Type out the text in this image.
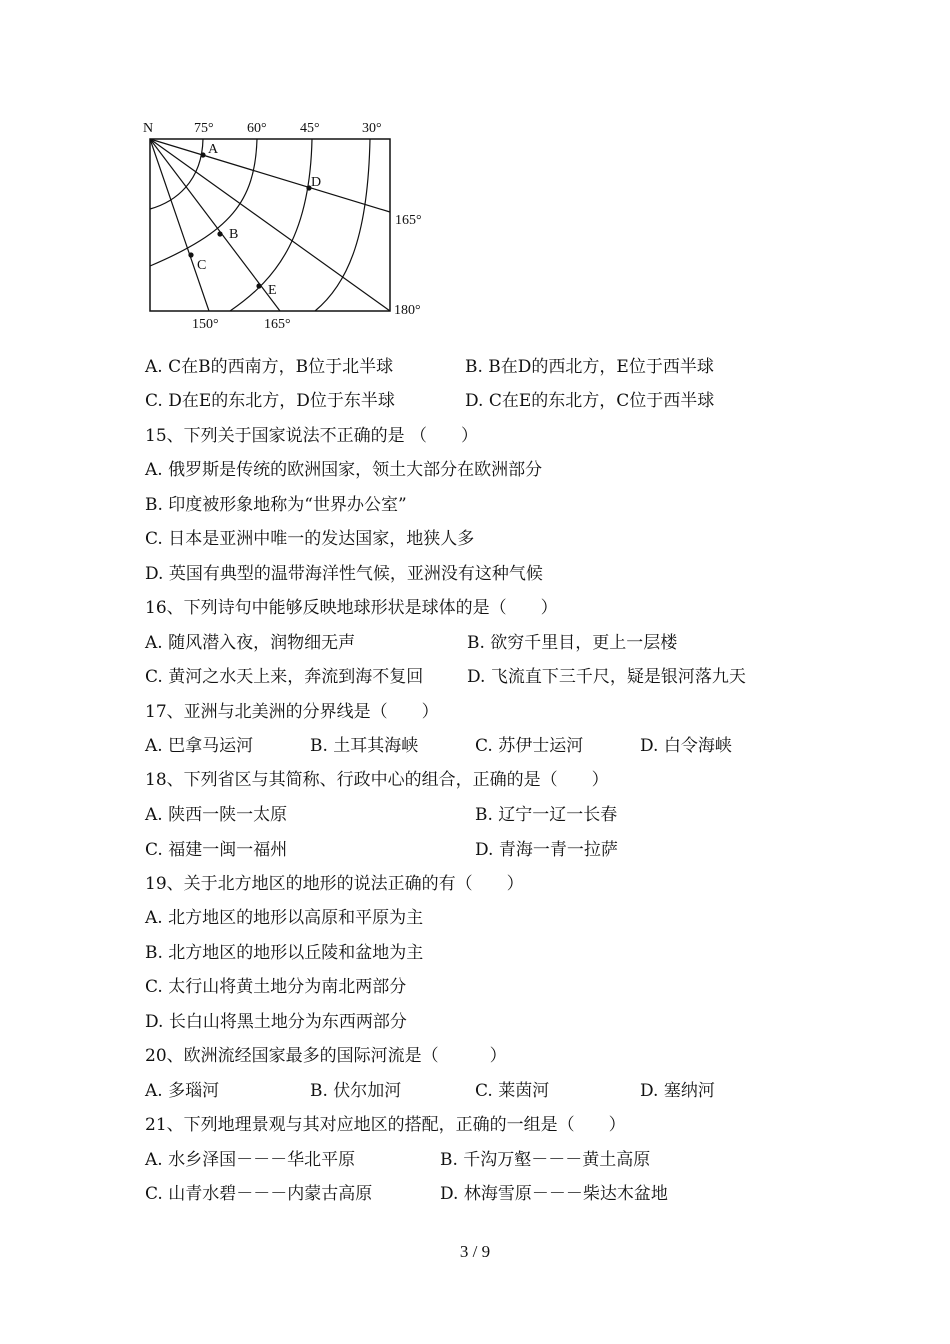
N	75° 60° 45°	30°
165°
180°
150°	165°
A
B
C
D
E
A. C在B的西南方，B位于北半球	B. B在D的西北方，E位于西半球
C. D在E的东北方，D位于东半球	D. C在E的东北方，C位于西半球
15、下列关于国家说法不正确的是 （　　）
A. 俄罗斯是传统的欧洲国家，领土大部分在欧洲部分
B. 印度被形象地称为“世界办公室”
C. 日本是亚洲中唯一的发达国家，地狭人多
D. 英国有典型的温带海洋性气候，亚洲没有这种气候
16、下列诗句中能够反映地球形状是球体的是（　　）
A. 随风潜入夜，润物细无声	B. 欲穷千里目，更上一层楼
C. 黄河之水天上来，奔流到海不复回	D. 飞流直下三千尺，疑是银河落九天
17、亚洲与北美洲的分界线是（　　）
A. 巴拿马运河	B. 土耳其海峡	C. 苏伊士运河	D. 白令海峡
18、下列省区与其简称、行政中心的组合，正确的是（　　）
A. 陕西一陕一太原	B. 辽宁一辽一长春
C. 福建一闽一福州	D. 青海一青一拉萨
19、关于北方地区的地形的说法正确的有（　　）
A. 北方地区的地形以高原和平原为主
B. 北方地区的地形以丘陵和盆地为主
C. 太行山将黄土地分为南北两部分
D. 长白山将黑土地分为东西两部分
20、欧洲流经国家最多的国际河流是（　　　）
A. 多瑙河	B. 伏尔加河	C. 莱茵河	D. 塞纳河
21、下列地理景观与其对应地区的搭配，正确的一组是（　　）
A. 水乡泽国－－－华北平原	B. 千沟万壑－－－黄土高原
C. 山青水碧－－－内蒙古高原	D. 林海雪原－－－柴达木盆地
3 / 9
